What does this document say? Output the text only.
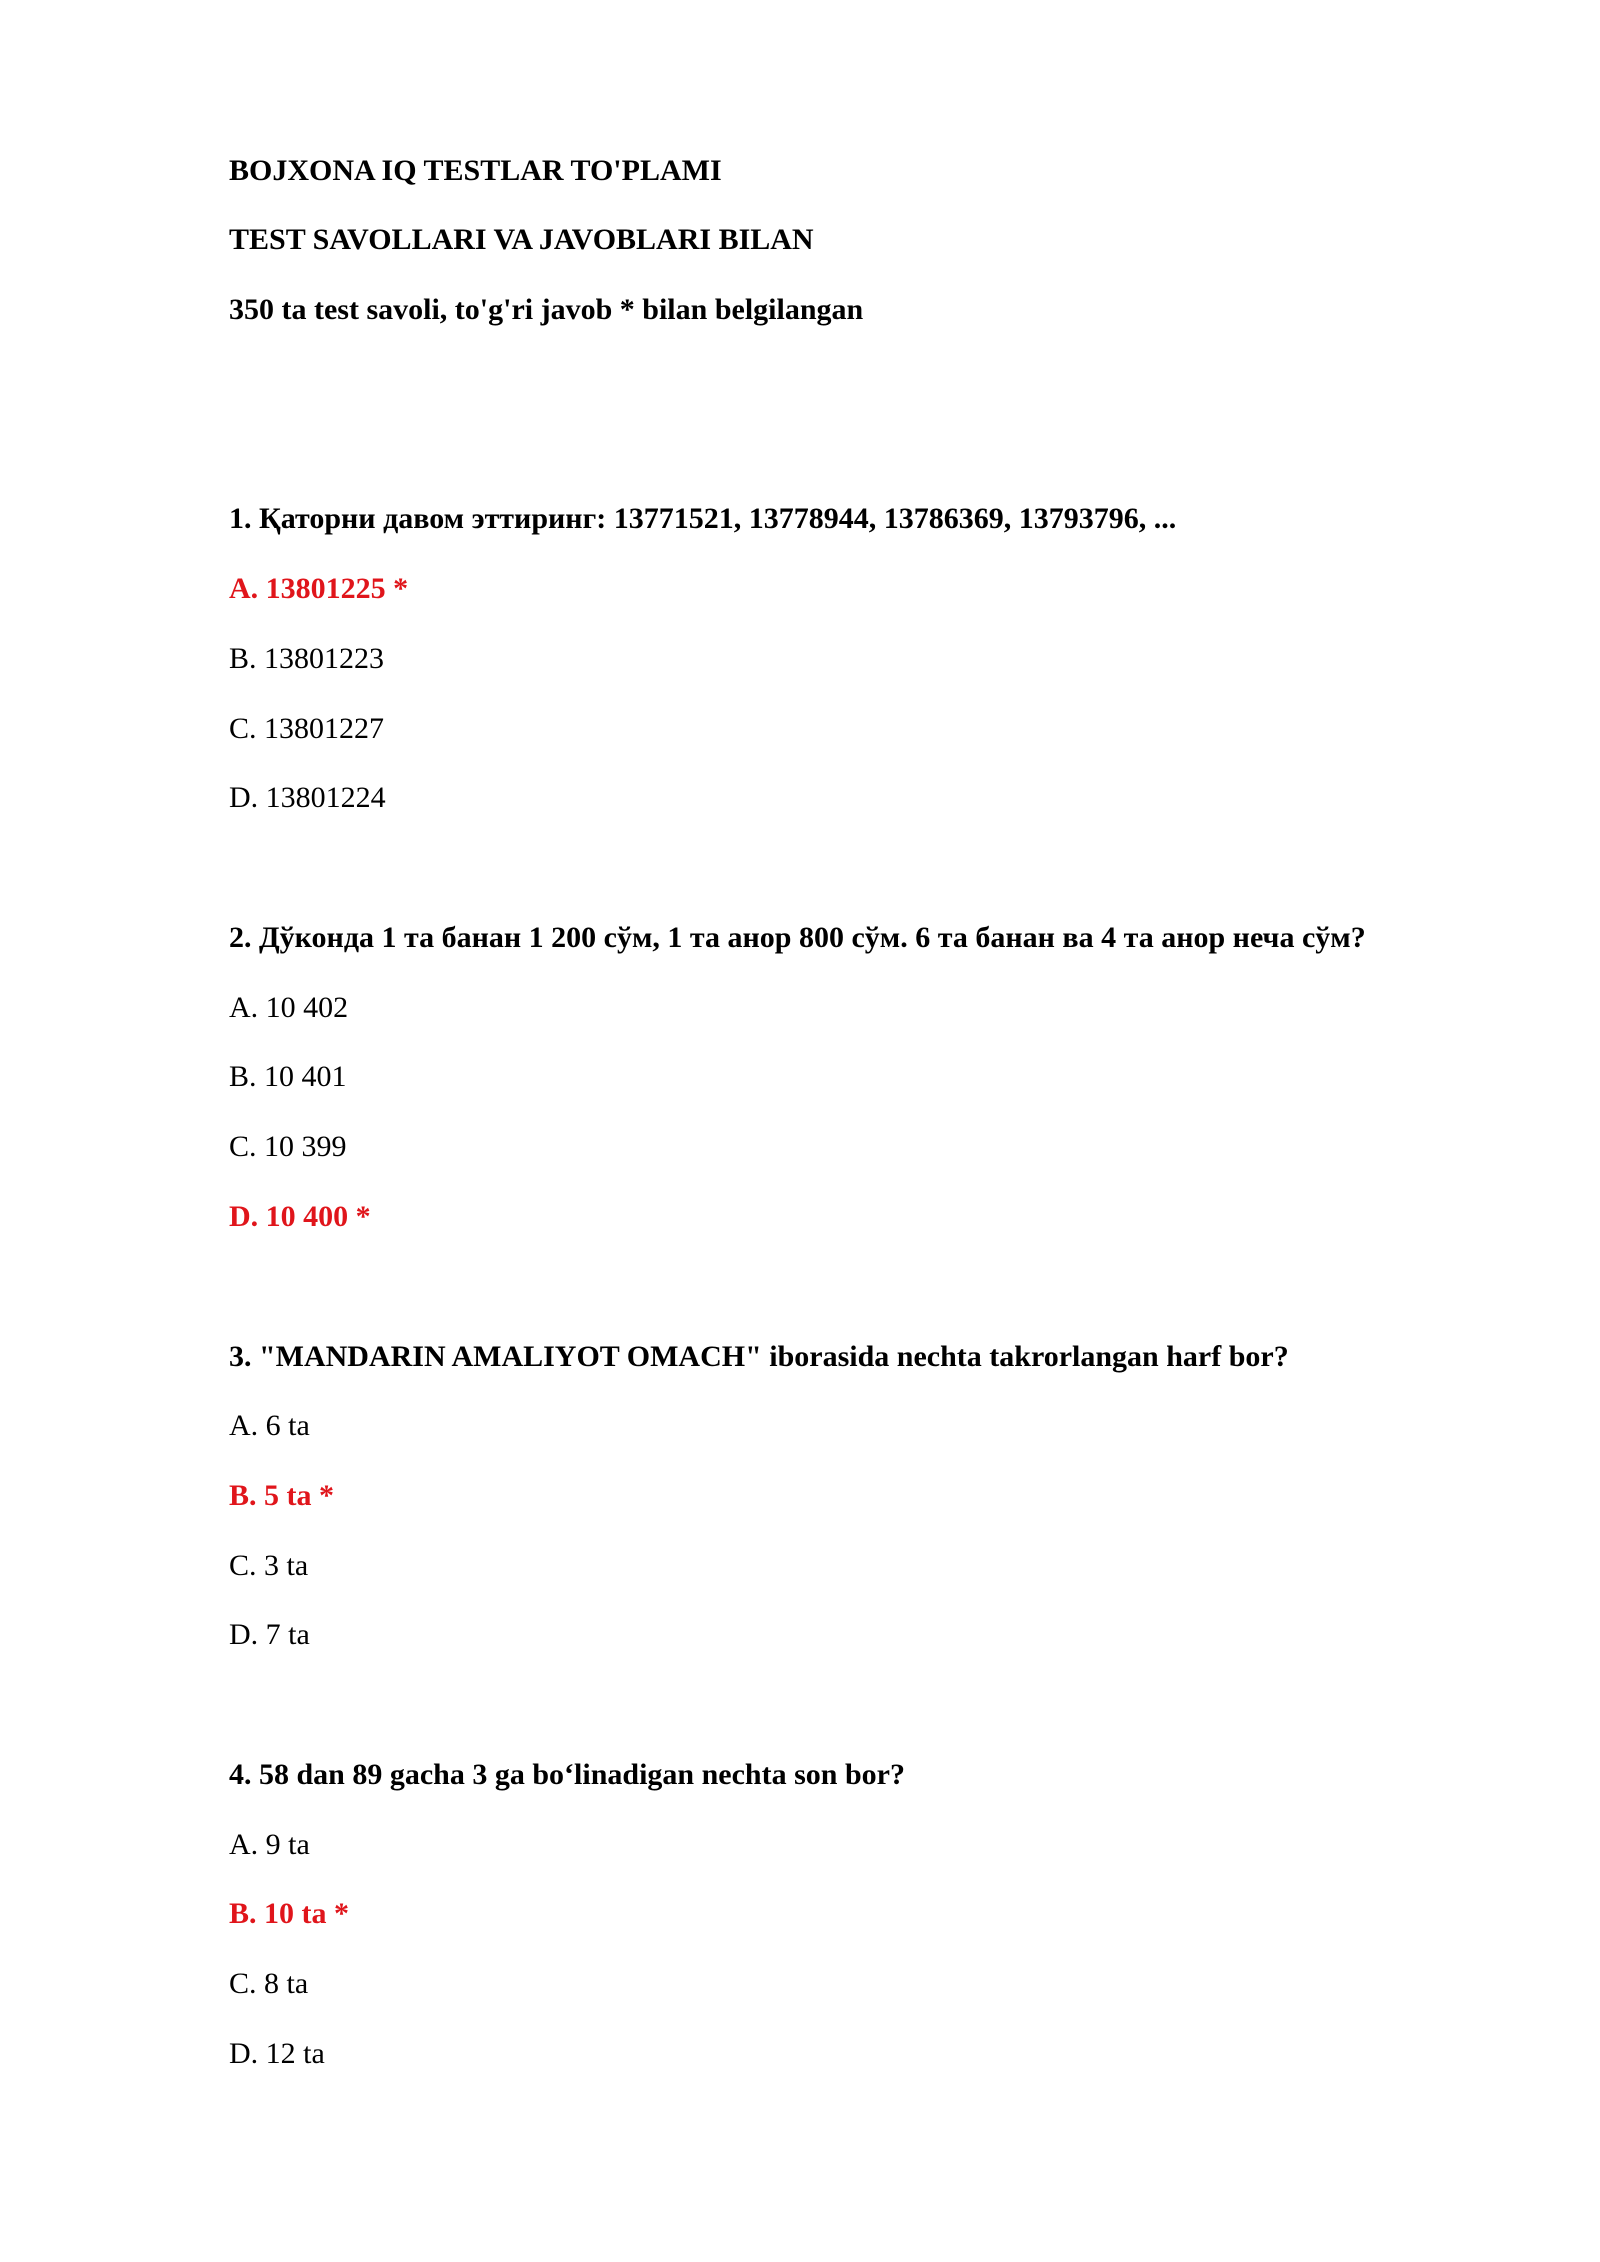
BOJXONA IQ TESTLAR TO'PLAMI
TEST SAVOLLARI VA JAVOBLARI BILAN
350 ta test savoli, to'g'ri javob * bilan belgilangan
1. Қаторни давом эттиринг: 13771521, 13778944, 13786369, 13793796, ...
A. 13801225 *
B. 13801223
C. 13801227
D. 13801224
2. Дўконда 1 та банан 1 200 сўм, 1 та анор 800 сўм. 6 та банан ва 4 та анор неча сўм?
A. 10 402
B. 10 401
C. 10 399
D. 10 400 *
3. "MANDARIN AMALIYOT OMACH" iborasida nechta takrorlangan harf bor?
A. 6 ta
B. 5 ta *
C. 3 ta
D. 7 ta
4. 58 dan 89 gacha 3 ga bo‘linadigan nechta son bor?
A. 9 ta
B. 10 ta *
C. 8 ta
D. 12 ta
